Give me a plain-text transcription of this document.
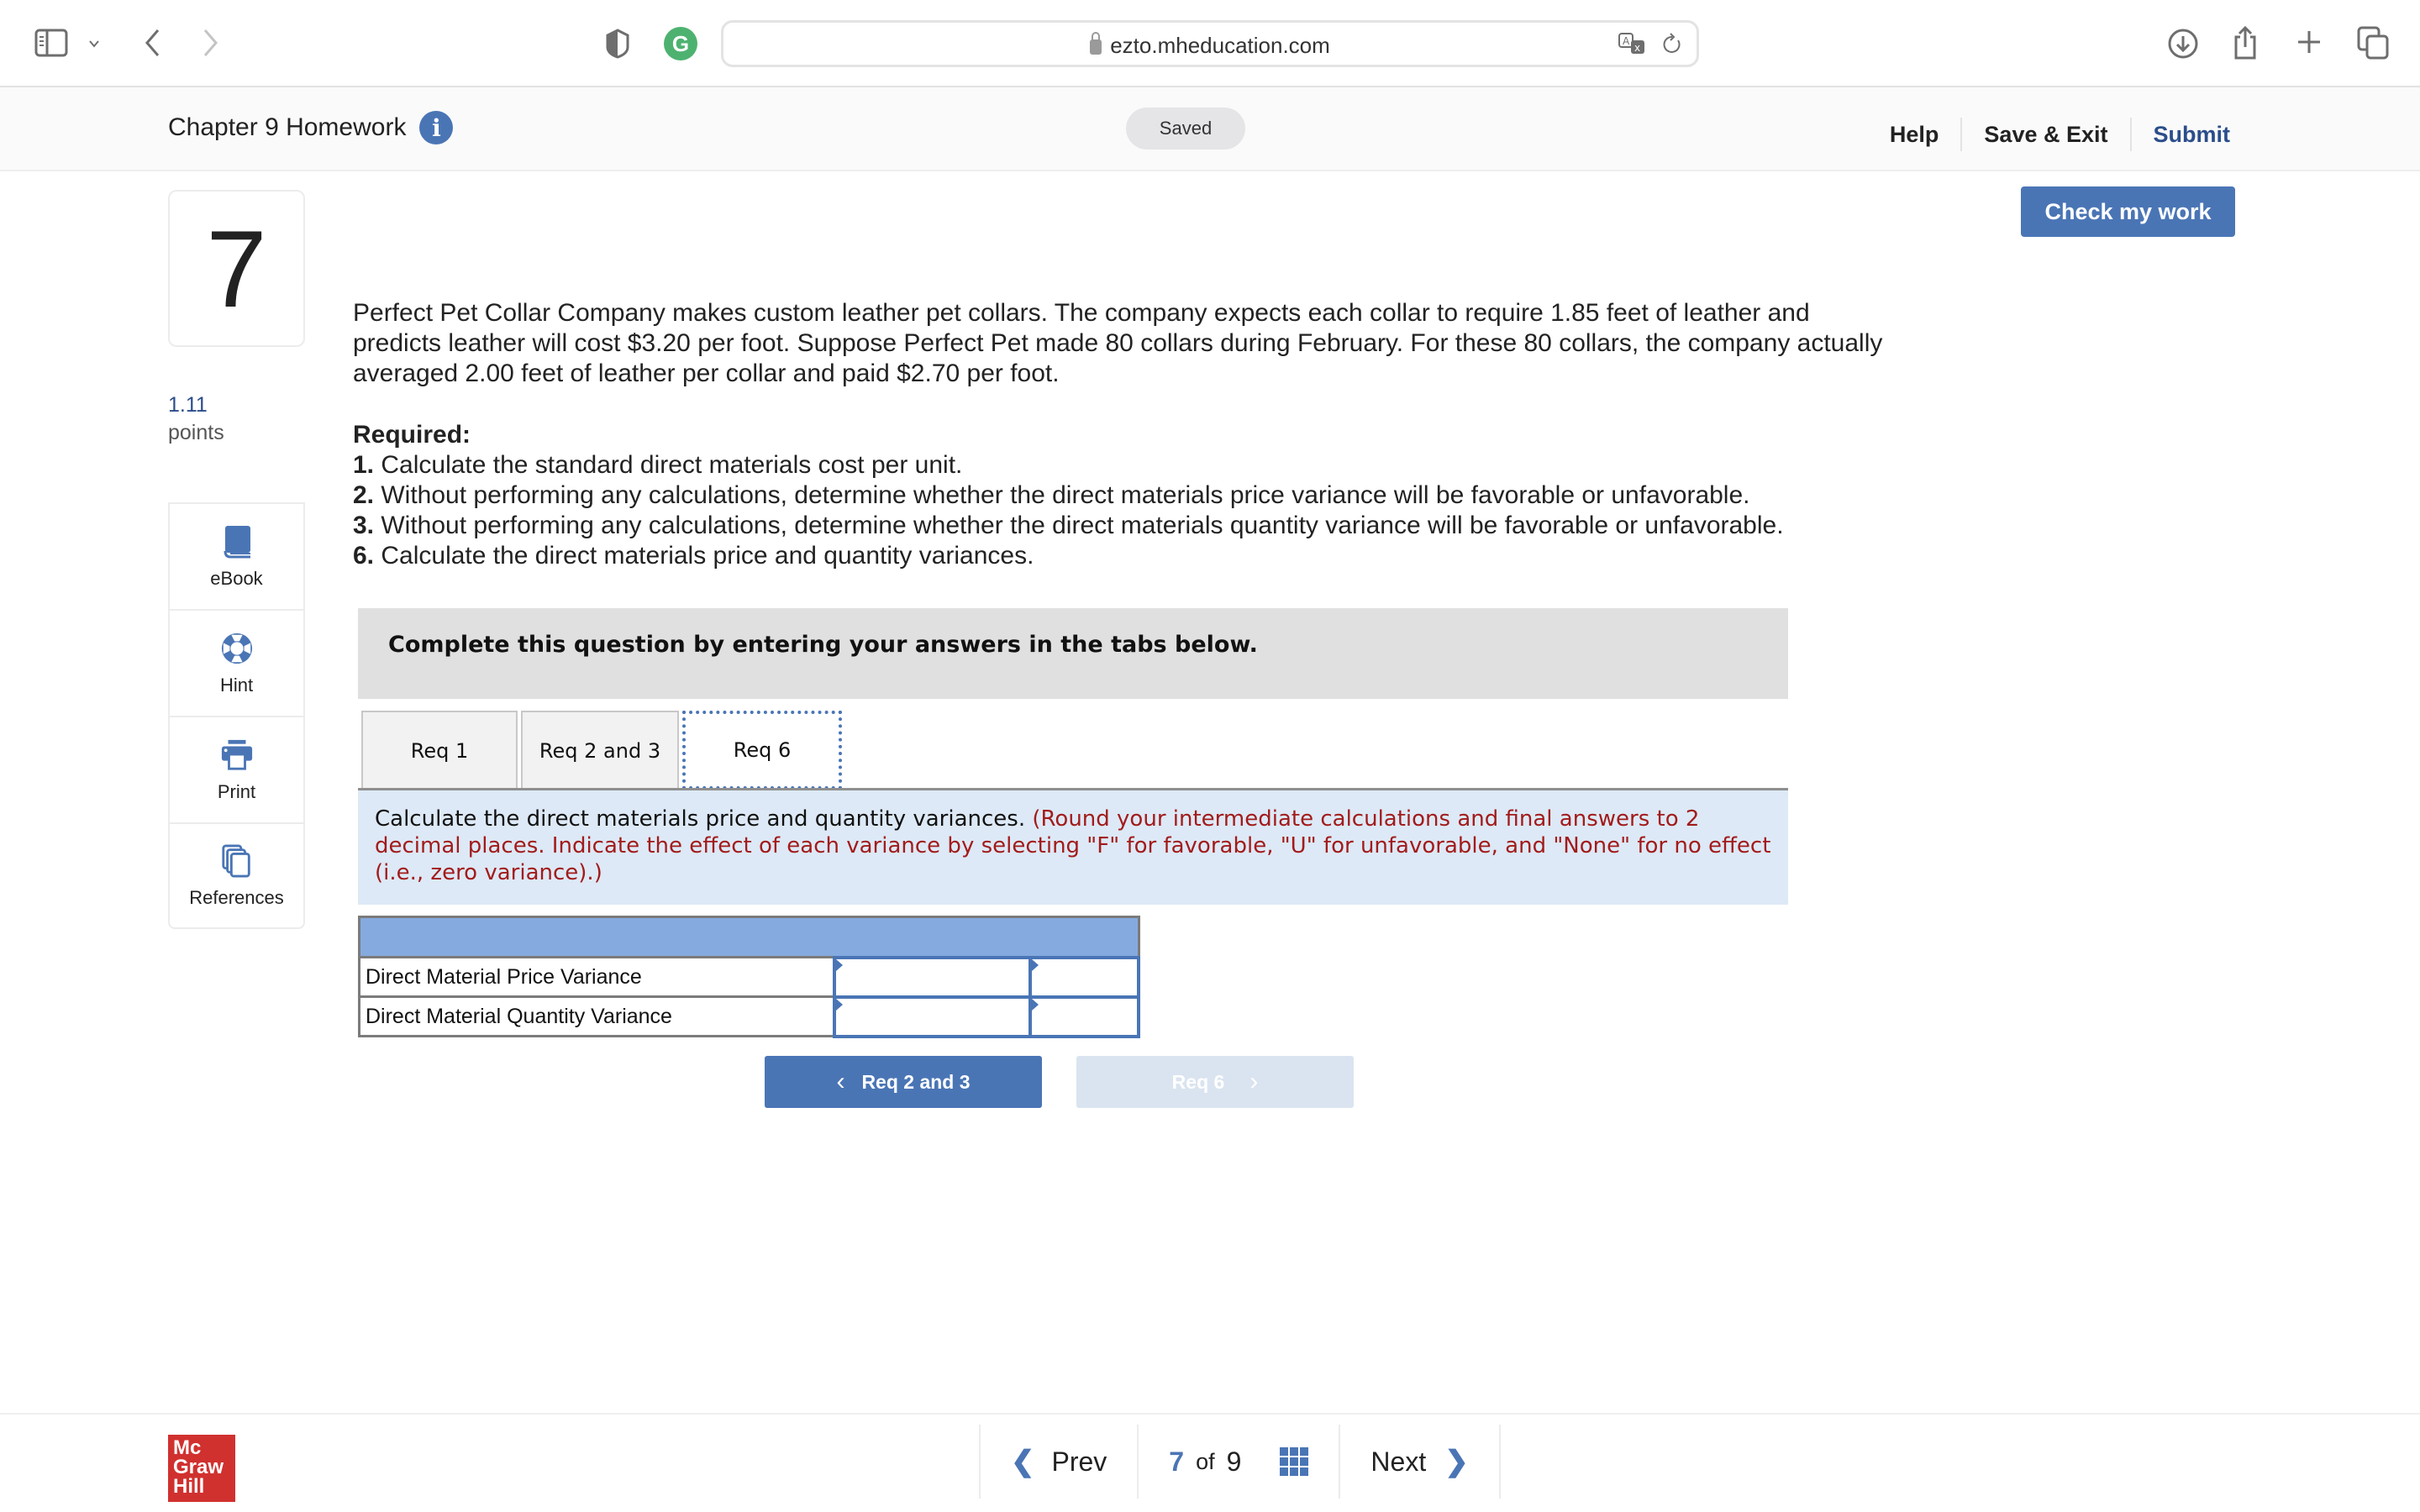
G	ezto.mheducation.com	A
x
Chapter 9 Homework	i	Saved	Help	Save & Exit	Submit
Check my work
7
1.11
points
eBook
Hint
Print
References
Perfect Pet Collar Company makes custom leather pet collars. The company expects each collar to require 1.85 feet of leather and predicts leather will cost $3.20 per foot. Suppose Perfect Pet made 80 collars during February. For these 80 collars, the company actually averaged 2.00 feet of leather per collar and paid $2.70 per foot.
Required:
1. Calculate the standard direct materials cost per unit.
2. Without performing any calculations, determine whether the direct materials price variance will be favorable or unfavorable.
3. Without performing any calculations, determine whether the direct materials quantity variance will be favorable or unfavorable.
6. Calculate the direct materials price and quantity variances.
Complete this question by entering your answers in the tabs below.
Req 1	Req 2 and 3	Req 6
Calculate the direct materials price and quantity variances. (Round your intermediate calculations and final answers to 2 decimal places. Indicate the effect of each variance by selecting "F" for favorable, "U" for unfavorable, and "None" for no effect (i.e., zero variance).)

Direct Material Price Variance	

Direct Material Quantity Variance	

‹ Req 2 and 3	Req 6 ›
Mc
Graw
Hill
❮ Prev 7 of 9	Next ❯
